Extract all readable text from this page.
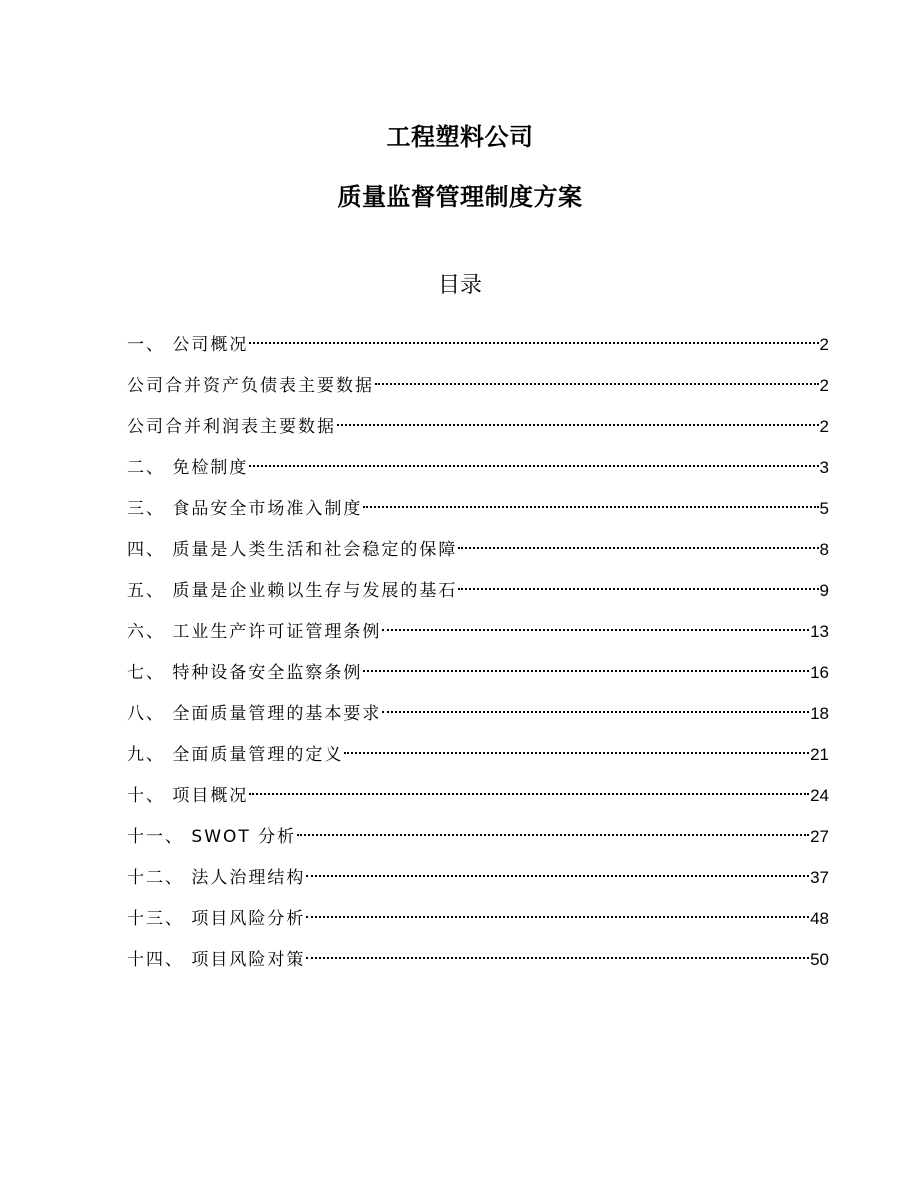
工程塑料公司
质量监督管理制度方案
目录
一、 公司概况	2
公司合并资产负债表主要数据	2
公司合并利润表主要数据	2
二、 免检制度	3
三、 食品安全市场准入制度	5
四、 质量是人类生活和社会稳定的保障	8
五、 质量是企业赖以生存与发展的基石	9
六、 工业生产许可证管理条例	13
七、 特种设备安全监察条例	16
八、 全面质量管理的基本要求	18
九、 全面质量管理的定义	21
十、 项目概况	24
十一、 SWOT 分析	27
十二、 法人治理结构	37
十三、 项目风险分析	48
十四、 项目风险对策	50
